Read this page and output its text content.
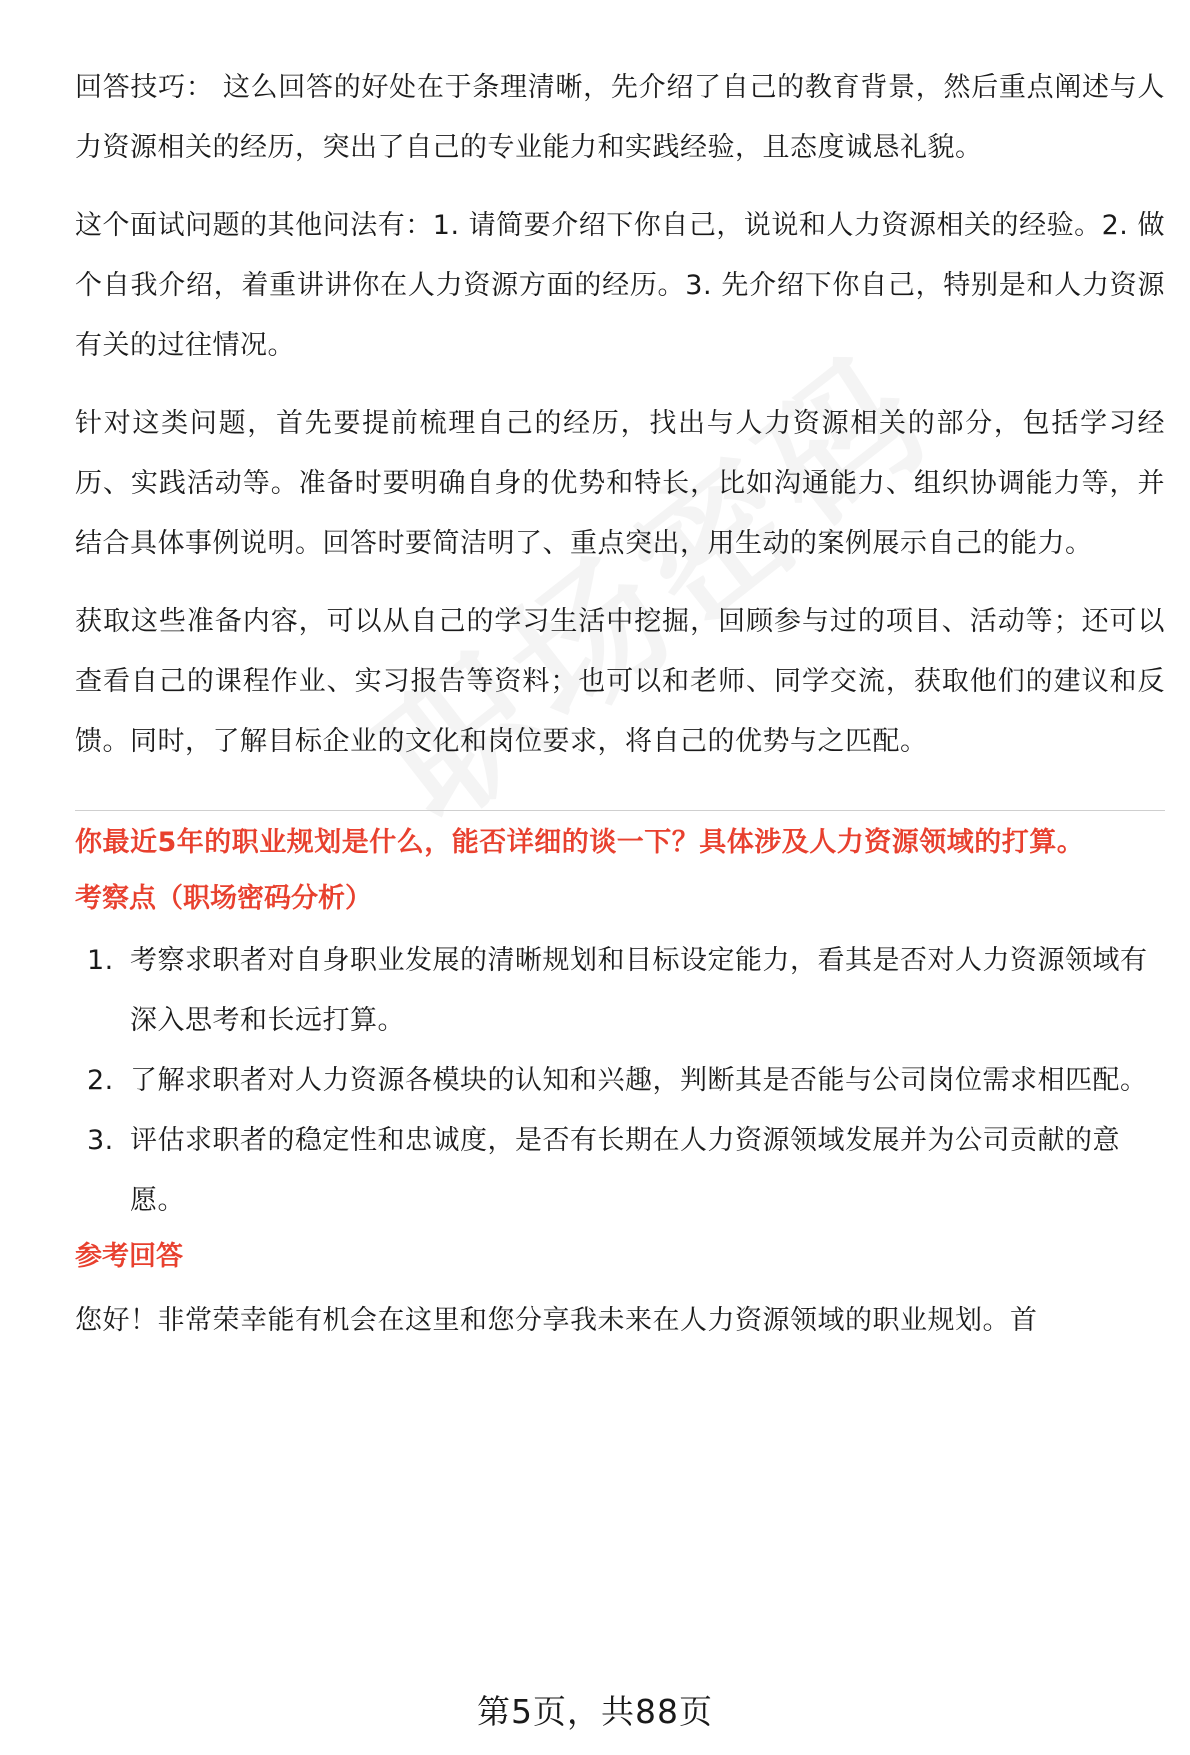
回答技巧： 这么回答的好处在于条理清晰，先介绍了自己的教育背景，然后重点阐述与人力资源相关的经历，突出了自己的专业能力和实践经验，且态度诚恳礼貌。

这个面试问题的其他问法有：1. 请简要介绍下你自己，说说和人力资源相关的经验。2. 做个自我介绍，着重讲讲你在人力资源方面的经历。3. 先介绍下你自己，特别是和人力资源有关的过往情况。

针对这类问题，首先要提前梳理自己的经历，找出与人力资源相关的部分，包括学习经历、实践活动等。准备时要明确自身的优势和特长，比如沟通能力、组织协调能力等，并结合具体事例说明。回答时要简洁明了、重点突出，用生动的案例展示自己的能力。

获取这些准备内容，可以从自己的学习生活中挖掘，回顾参与过的项目、活动等；还可以查看自己的课程作业、实习报告等资料；也可以和老师、同学交流，获取他们的建议和反馈。同时，了解目标企业的文化和岗位要求，将自己的优势与之匹配。

你最近5年的职业规划是什么，能否详细的谈一下？具体涉及人力资源领域的打算。
考察点（职场密码分析）
1. 考察求职者对自身职业发展的清晰规划和目标设定能力，看其是否对人力资源领域有深入思考和长远打算。
2. 了解求职者对人力资源各模块的认知和兴趣，判断其是否能与公司岗位需求相匹配。
3. 评估求职者的稳定性和忠诚度，是否有长期在人力资源领域发展并为公司贡献的意愿。
参考回答

您好！非常荣幸能有机会在这里和您分享我未来在人力资源领域的职业规划。首

第5页，共88页
